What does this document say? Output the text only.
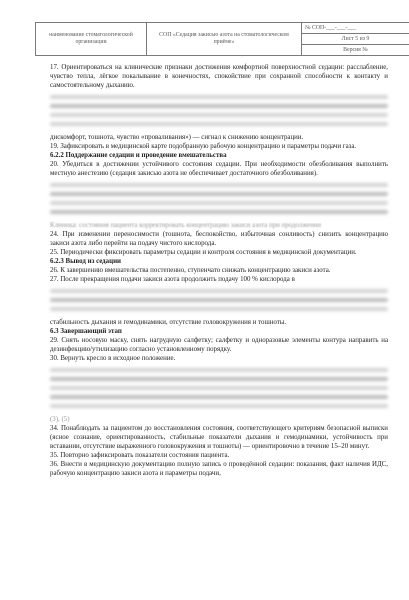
наименование стоматологической организации	СОП «Седация закисью азота на стоматологическом приёме»	№ СОП-___-___-___
Лист 5 из 9
Версия №

17. Ориентироваться на клинические признаки достижения комфортной поверхностной седации: расслабление, чувство тепла, лёгкое покалывание в конечностях, спокойствие при сохранной способности к контакту и самостоятельному дыханию.

дискомфорт, тошнота, чувство «проваливания») — сигнал к снижению концентрации.

19. Зафиксировать в медицинской карте подобранную рабочую концентрацию и параметры подачи газа.

6.2.2 Поддержание седации и проведение вмешательства

20. Убедиться в достижении устойчивого состояния седации. При необходимости обезболивания выполнить местную анестезию (седация закисью азота не обеспечивает достаточного обезболивания).

Клиника: состояния пациента корректировать концентрацию закиси азота при продолжении

24. При изменении переносимости (тошнота, беспокойство, избыточная сонливость) снизить концентрацию закиси азота либо перейти на подачу чистого кислорода.

25. Периодически фиксировать параметры седации и контроля состояния в медицинской документации.

6.2.3 Вывод из седации

26. К завершению вмешательства постепенно, ступенчато снижать концентрацию закиси азота.

27. После прекращения подачи закиси азота продолжить подачу 100 % кислорода в

стабильность дыхания и гемодинамики, отсутствие головокружения и тошноты.

6.3 Завершающий этап

29. Снять носовую маску, снять нагрудную салфетку; салфетку и одноразовые элементы контура направить на дезинфекцию/утилизацию согласно установленному порядку.

30. Вернуть кресло в исходное положение.

(3), (5)

34. Понаблюдать за пациентом до восстановления состояния, соответствующего критериям безопасной выписки (ясное сознание, ориентированность, стабильные показатели дыхания и гемодинамики, устойчивость при вставании, отсутствие выраженного головокружения и тошноты) — ориентировочно в течение 15–20 минут.

35. Повторно зафиксировать показатели состояния пациента.

36. Внести в медицинскую документацию полную запись о проведённой седации: показания, факт наличия ИДС, рабочую концентрацию закиси азота и параметры подачи,
